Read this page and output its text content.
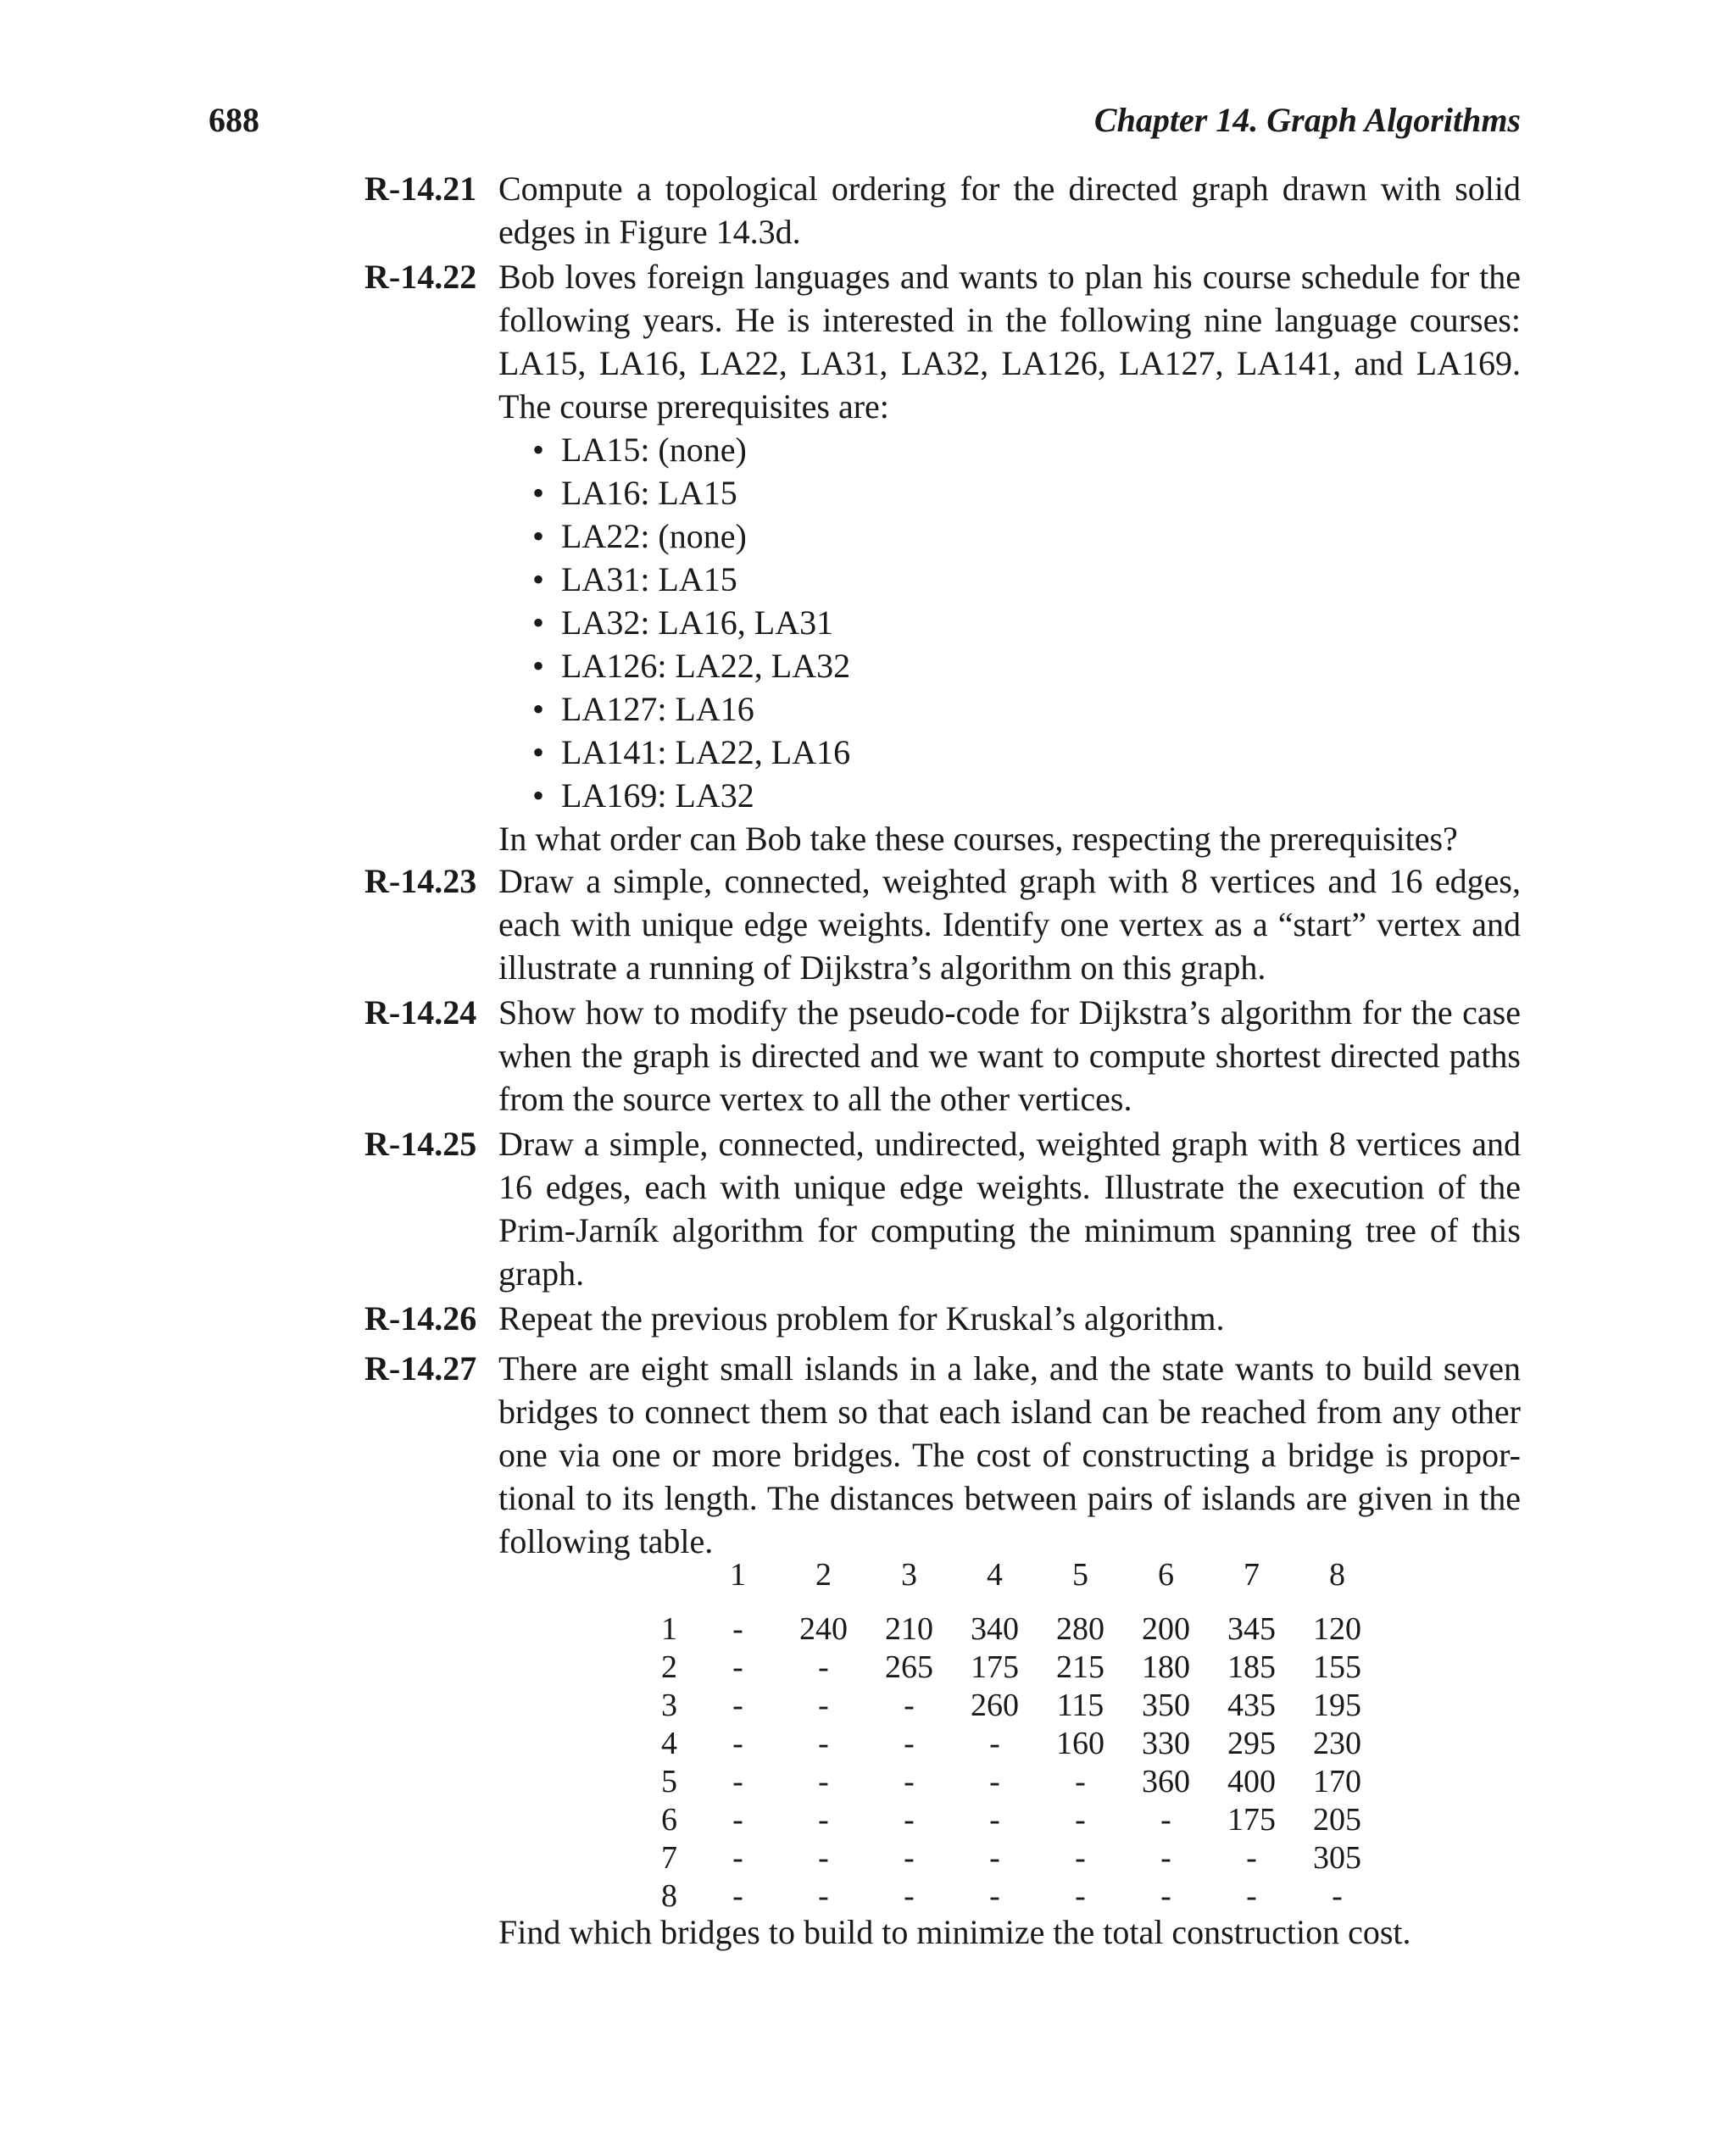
688	Chapter 14. Graph Algorithms
R-14.21 Compute a topological ordering for the directed graph drawn with solid edges in Figure 14.3d.

R-14.22 Bob loves foreign languages and wants to plan his course schedule for the following years. He is interested in the following nine language courses: LA15, LA16, LA22, LA31, LA32, LA126, LA127, LA141, and LA169. The course prerequisites are:

• LA15: (none)
• LA16: LA15
• LA22: (none)
• LA31: LA15
• LA32: LA16, LA31
• LA126: LA22, LA32
• LA127: LA16
• LA141: LA22, LA16
• LA169: LA32

In what order can Bob take these courses, respecting the prerequisites?

R-14.23 Draw a simple, connected, weighted graph with 8 vertices and 16 edges, each with unique edge weights. Identify one vertex as a “start” vertex and illustrate a running of Dijkstra’s algorithm on this graph.

R-14.24 Show how to modify the pseudo-code for Dijkstra’s algorithm for the case when the graph is directed and we want to compute shortest directed paths from the source vertex to all the other vertices.

R-14.25 Draw a simple, connected, undirected, weighted graph with 8 vertices and 16 edges, each with unique edge weights. Illustrate the execution of the Prim-Jarník algorithm for computing the minimum spanning tree of this graph.

R-14.26 Repeat the previous problem for Kruskal’s algorithm.

R-14.27 There are eight small islands in a lake, and the state wants to build seven bridges to connect them so that each island can be reached from any other one via one or more bridges. The cost of constructing a bridge is propor-tional to its length. The distances between pairs of islands are given in the following table.

	1	2	3	4	5	6	7	8
1	-	240	210	340	280	200	345	120
2	-	-	265	175	215	180	185	155
3	-	-	-	260	115	350	435	195
4	-	-	-	-	160	330	295	230
5	-	-	-	-	-	360	400	170
6	-	-	-	-	-	-	175	205
7	-	-	-	-	-	-	-	305
8	-	-	-	-	-	-	-	-
Find which bridges to build to minimize the total construction cost.
